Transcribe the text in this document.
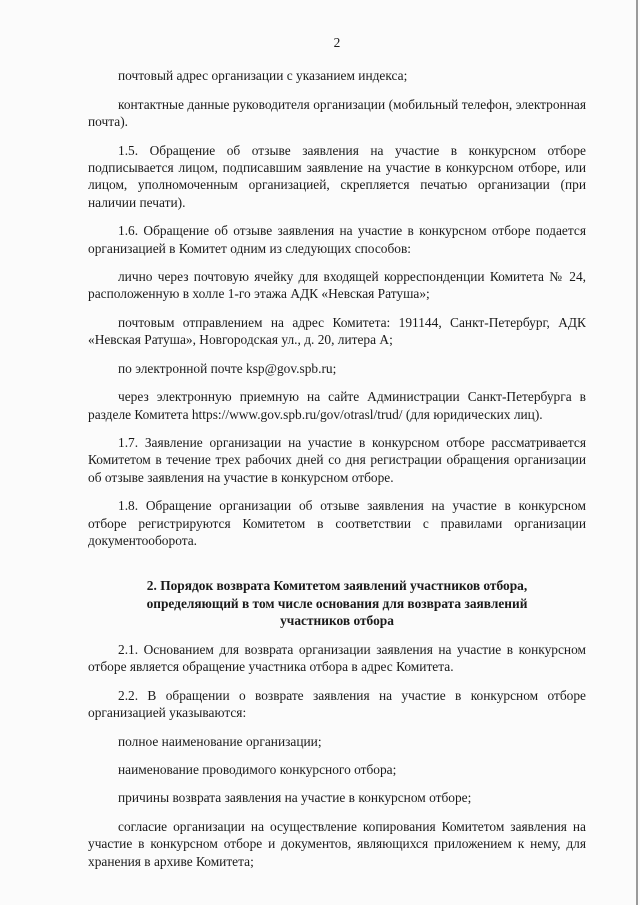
2

почтовый адрес организации с указанием индекса;

контактные данные руководителя организации (мобильный телефон, электронная почта).

1.5. Обращение об отзыве заявления на участие в конкурсном отборе подписывается лицом, подписавшим заявление на участие в конкурсном отборе, или лицом, уполномоченным организацией, скрепляется печатью организации (при наличии печати).

1.6. Обращение об отзыве заявления на участие в конкурсном отборе подается организацией в Комитет одним из следующих способов:

лично через почтовую ячейку для входящей корреспонденции Комитета № 24, расположенную в холле 1-го этажа АДК «Невская Ратуша»;

почтовым отправлением на адрес Комитета: 191144, Санкт-Петербург, АДК «Невская Ратуша», Новгородская ул., д. 20, литера А;

по электронной почте ksp@gov.spb.ru;

через электронную приемную на сайте Администрации Санкт-Петербурга в разделе Комитета https://www.gov.spb.ru/gov/otrasl/trud/ (для юридических лиц).

1.7. Заявление организации на участие в конкурсном отборе рассматривается Комитетом в течение трех рабочих дней со дня регистрации обращения организации об отзыве заявления на участие в конкурсном отборе.

1.8. Обращение организации об отзыве заявления на участие в конкурсном отборе регистрируются Комитетом в соответствии с правилами организации документооборота.

2. Порядок возврата Комитетом заявлений участников отбора, определяющий в том числе основания для возврата заявлений участников отбора

2.1. Основанием для возврата организации заявления на участие в конкурсном отборе является обращение участника отбора в адрес Комитета.

2.2. В обращении о возврате заявления на участие в конкурсном отборе организацией указываются:

полное наименование организации;

наименование проводимого конкурсного отбора;

причины возврата заявления на участие в конкурсном отборе;

согласие организации на осуществление копирования Комитетом заявления на участие в конкурсном отборе и документов, являющихся приложением к нему, для хранения в архиве Комитета;
